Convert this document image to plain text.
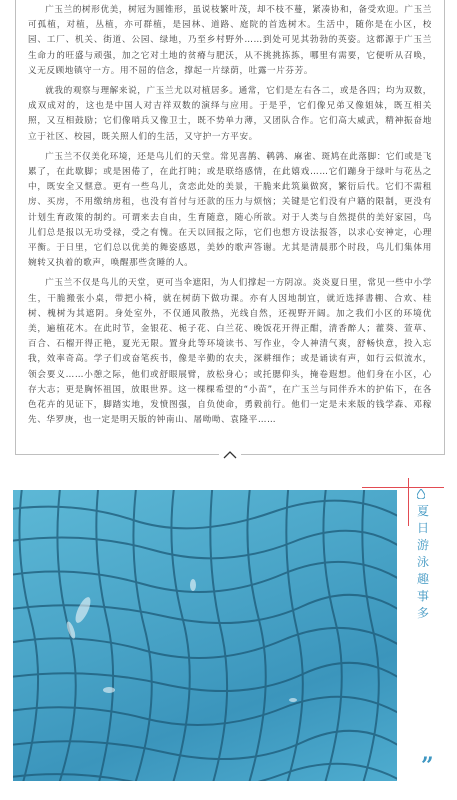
广玉兰的树形优美，树冠为圆锥形，虽说枝繁叶茂，却不枝不蔓，紧凑协和，备受欢迎。广玉兰可孤植，对植，丛植，亦可群植，是园林、道路、庭院的首选树木。生活中，随你是在小区，校园、工厂、机关、街道、公园、绿地，乃至乡村野外……到处可见其勃勃的英姿。这都源于广玉兰生命力的旺盛与顽强，加之它对土地的贫瘠与肥沃，从不挑挑拣拣，哪里有需要，它便听从召唤，义无反顾地镇守一方。用不屈的信念，撑起一片绿荫，吐露一片芬芳。

就我的观察与理解来说，广玉兰尤以对植居多。通常，它们是左右各二，或是各四；均为双数，成双成对的，这也是中国人对吉祥双数的演绎与应用。于是乎，它们像兄弟又像姐妹，既互相关照，又互相鼓励；它们像哨兵又像卫士，既不势单力薄，又团队合作。它们高大威武，精神振奋地立于社区、校园，既关照人们的生活，又守护一方平安。

广玉兰不仅美化环境，还是鸟儿们的天堂。常见喜鹊、鹌鹑、麻雀、斑鸠在此落脚：它们或是飞累了，在此歇脚；或是困倦了，在此打盹；或是联络感情，在此嬉戏……它们蹦身于绿叶与花丛之中，既安全又惬意。更有一些鸟儿，贪恋此处的美景，干脆来此筑巢做窝，繁衍后代。它们不需租房、买房，不用缴纳房租，也没有首付与还款的压力与烦恼；关键是它们没有户籍的限制，更没有计划生育政策的制约。可谓来去自由，生育随意，随心所欲。对于人类与自然提供的美好家园，鸟儿们总是报以无功受禄，受之有愧。在天以回报之际，它们也想方设法报答，以求心安神定，心理平衡。于日里，它们总以优美的舞姿感恩，美妙的歌声答谢。尤其是清晨那个时段，鸟儿们集体用婉转又执着的歌声，唤醒那些贪睡的人。

广玉兰不仅是鸟儿的天堂，更可当伞遮阳，为人们撑起一方阴凉。炎炎夏日里，常见一些中小学生，干脆搬张小桌，带把小椅，就在树荫下做功课。亦有人因地制宜，就近选择書棚、合欢、桂树、槐树为其遮阴。身处室外，不仅通风散热，光线自然，还视野开阔。加之我们小区的环境优美，遍植花木。在此时节，金银花、栀子花、白兰花、晚饭花开得正酣，清香醉人；藿葵、萱草、百合、石榴开得正艳，夏光无限。置身此等环境读书、写作业，令人神清气爽，舒畅快意，投入忘我，效率奇高。学子们或奋笔疾书，像是辛勤的农夫，深耕细作；或是诵读有声，如行云似流水，领会要义……小憩之际，他们或舒眼展臂，放松身心；或托腮仰头，掩卷遐想。他们身在小区，心存大志；更是胸怀祖国，放眼世界。这一棵棵希望的“小苗”，在广玉兰与同伴乔木的护佑下，在各色花卉的见证下，脚踏实地，发愤图强，自负使命，勇毅前行。他们一定是未来版的钱学森、邓稼先、华罗庚，也一定是明天版的钟南山、屠呦呦、袁隆平……

夏
日
游
泳
趣
事
多
”
